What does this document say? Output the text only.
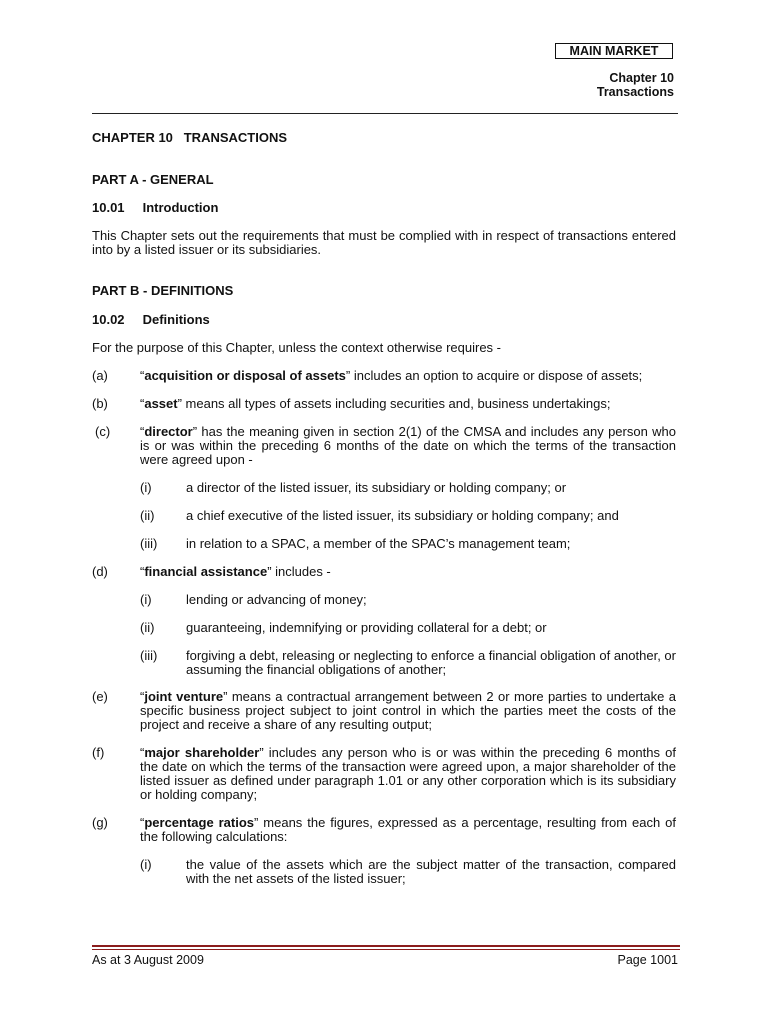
MAIN MARKET
Chapter 10
Transactions
CHAPTER 10   TRANSACTIONS
PART A - GENERAL
10.01     Introduction
This Chapter sets out the requirements that must be complied with in respect of transactions entered into by a listed issuer or its subsidiaries.
PART B - DEFINITIONS
10.02     Definitions
For the purpose of this Chapter, unless the context otherwise requires -
(a)	“acquisition or disposal of assets” includes an option to acquire or dispose of assets;
(b)	“asset” means all types of assets including securities and, business undertakings;
(c)	“director” has the meaning given in section 2(1) of the CMSA and includes any person who is or was within the preceding 6 months of the date on which the terms of the transaction were agreed upon -
(i)	a director of the listed issuer, its subsidiary or holding company; or
(ii)	a chief executive of the listed issuer, its subsidiary or holding company; and
(iii)	in relation to a SPAC, a member of the SPAC’s management team;
(d)	“financial assistance” includes -
(i)	lending or advancing of money;
(ii)	guaranteeing, indemnifying or providing collateral for a debt; or
(iii)	forgiving a debt, releasing or neglecting to enforce a financial obligation of another, or assuming the financial obligations of another;
(e)	“joint venture” means a contractual arrangement between 2 or more parties to undertake a specific business project subject to joint control in which the parties meet the costs of the project and receive a share of any resulting output;
(f)	“major shareholder” includes any person who is or was within the preceding 6 months of the date on which the terms of the transaction were agreed upon, a major shareholder of the listed issuer as defined under paragraph 1.01 or any other corporation which is its subsidiary or holding company;
(g)	“percentage ratios” means the figures, expressed as a percentage, resulting from each of the following calculations:
(i)	the value of the assets which are the subject matter of the transaction, compared with the net assets of the listed issuer;
As at 3 August 2009	Page 1001
